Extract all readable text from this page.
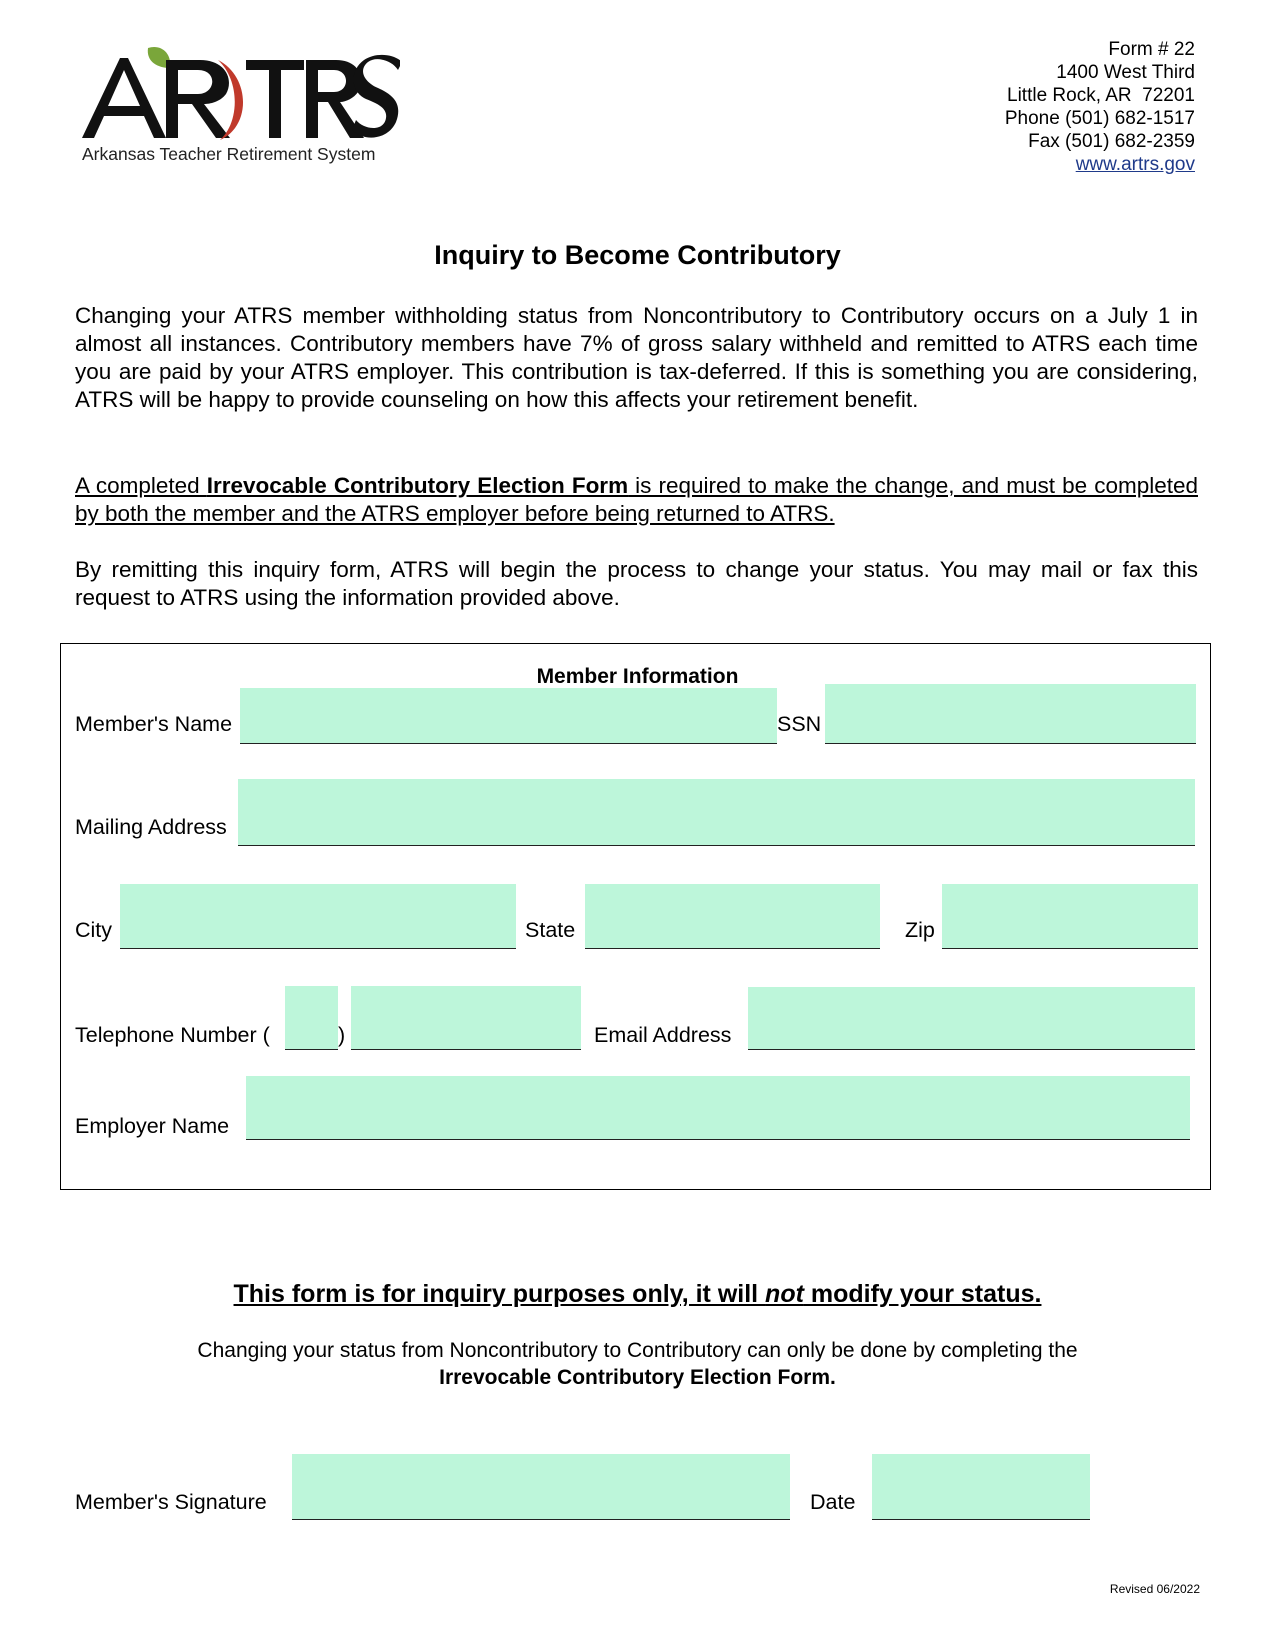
Arkansas Teacher Retirement System
Form # 22
1400 West Third
Little Rock, AR  72201
Phone (501) 682-1517
Fax (501) 682-2359
www.artrs.gov
Inquiry to Become Contributory
Changing your ATRS member withholding status from Noncontributory to Contributory occurs on a July 1 in almost all instances. Contributory members have 7% of gross salary withheld and remitted to ATRS each time you are paid by your ATRS employer. This contribution is tax-deferred. If this is something you are considering, ATRS will be happy to provide counseling on how this affects your retirement benefit.
A completed Irrevocable Contributory Election Form is required to make the change, and must be completed by both the member and the ATRS employer before being returned to ATRS.
By remitting this inquiry form, ATRS will begin the process to change your status. You may mail or fax this request to ATRS using the information provided above.
Member Information
Member's Name	SSN
Mailing Address
City	State	Zip
Telephone Number (	)	Email Address
Employer Name
This form is for inquiry purposes only, it will not modify your status.
Changing your status from Noncontributory to Contributory can only be done by completing the
Irrevocable Contributory Election Form.
Member's Signature	Date
Revised 06/2022
